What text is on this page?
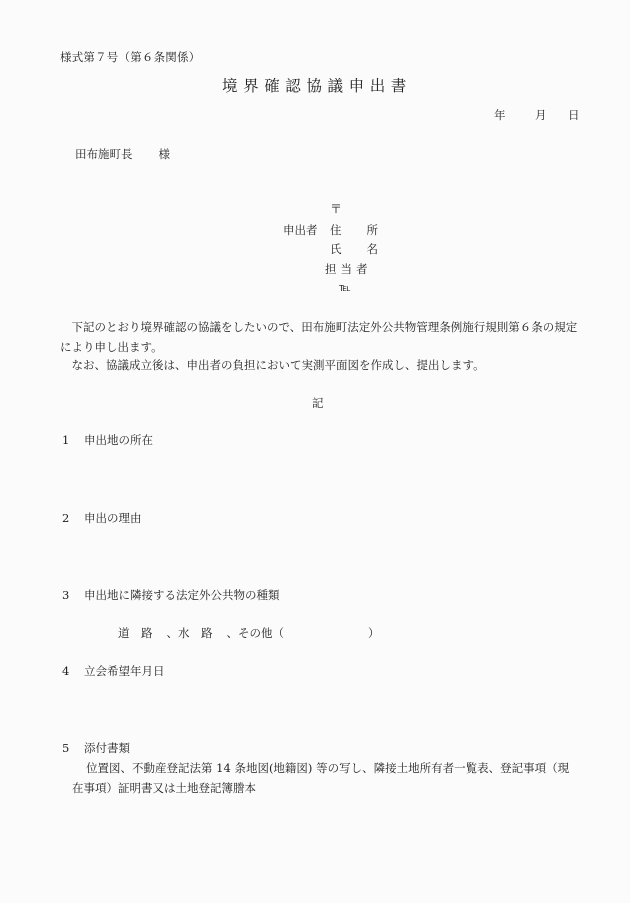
様式第７号（第６条関係）
境界確認協議申出書
年	月 日
田布施町長 様
〒
申出者 住 所
氏 名
担当者
℡
　下記のとおり境界確認の協議をしたいので、田布施町法定外公共物管理条例施行規則第６条の規定により申し出ます。
　なお、協議成立後は、申出者の負担において実測平面図を作成し、提出します。
記
1 申出地の所在
2 申出の理由
3 申出地に隣接する法定外公共物の種類
道　路 、水　路 、その他（	）
4 立会希望年月日
5 添付書類
位置図、不動産登記法第 14 条地図(地籍図) 等の写し、隣接土地所有者一覧表、登記事項（現
在事項）証明書又は土地登記簿謄本
